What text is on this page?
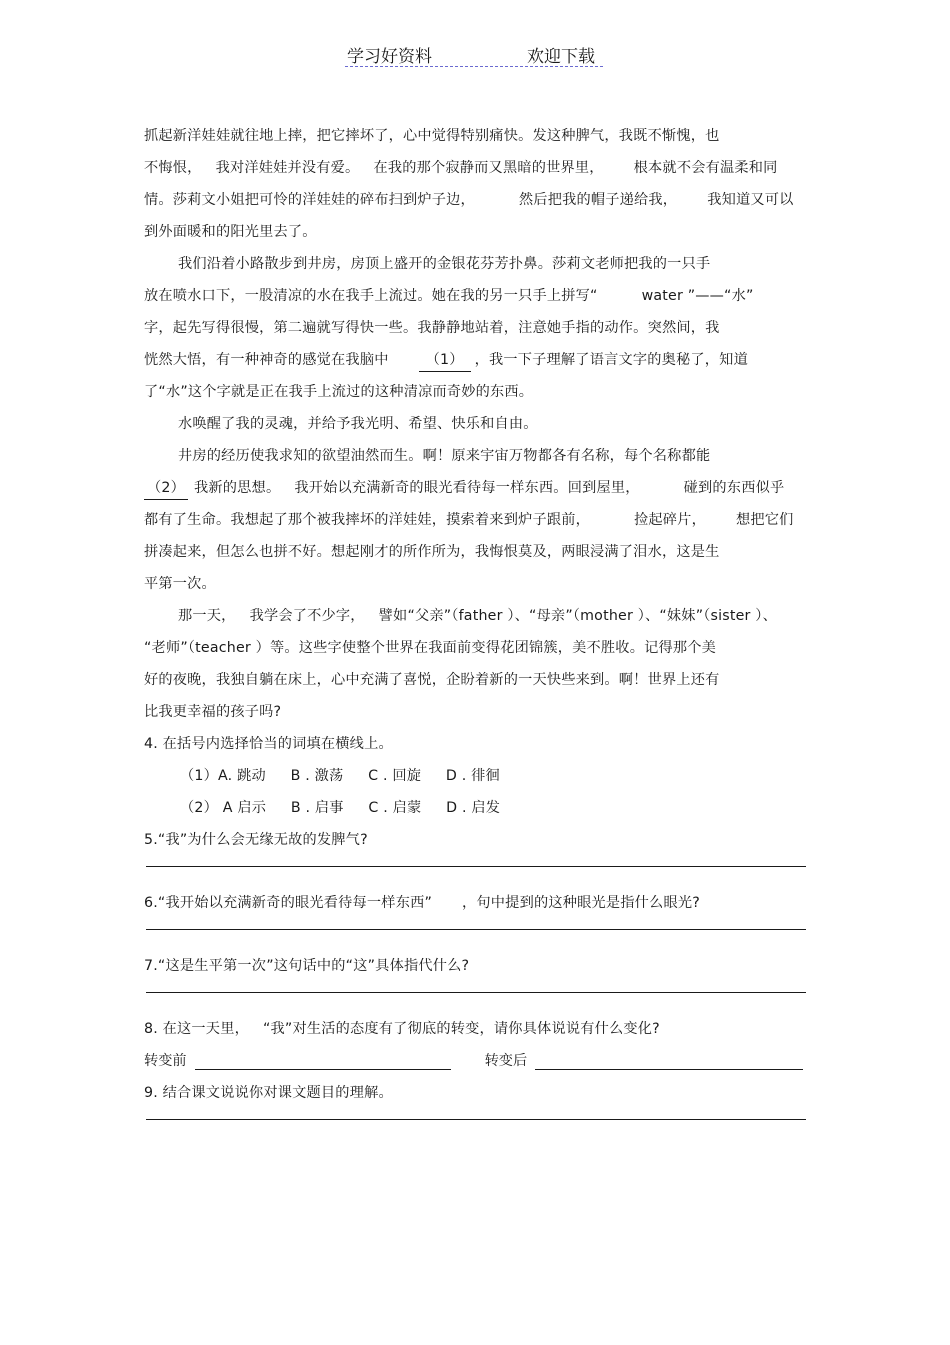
学习好资料	欢迎下载
抓起新洋娃娃就往地上摔，把它摔坏了，心中觉得特别痛快。发这种脾气，我既不惭愧，也
不悔恨， 我对洋娃娃并没有爱。 在我的那个寂静而又黑暗的世界里， 根本就不会有温柔和同
情。莎莉文小姐把可怜的洋娃娃的碎布扫到炉子边，	然后把我的帽子递给我， 我知道又可以
到外面暖和的阳光里去了。
我们沿着小路散步到井房，房顶上盛开的金银花芬芳扑鼻。莎莉文老师把我的一只手
放在喷水口下，一股清凉的水在我手上流过。她在我的另一只手上拼写“	water ”——“水”
字，起先写得很慢，第二遍就写得快一些。我静静地站着，注意她手指的动作。突然间，我
恍然大悟，有一种神奇的感觉在我脑中	（1） ，我一下子理解了语言文字的奥秘了，知道
了“水”这个字就是正在我手上流过的这种清凉而奇妙的东西。
水唤醒了我的灵魂，并给予我光明、希望、快乐和自由。
井房的经历使我求知的欲望油然而生。啊！原来宇宙万物都各有名称，每个名称都能
（2） 我新的思想。 我开始以充满新奇的眼光看待每一样东西。回到屋里，	碰到的东西似乎
都有了生命。我想起了那个被我摔坏的洋娃娃，摸索着来到炉子跟前，	捡起碎片， 想把它们
拼凑起来，但怎么也拼不好。想起刚才的所作所为，我悔恨莫及，两眼浸满了泪水，这是生
平第一次。
那一天， 我学会了不少字， 譬如“父亲”（father ）、“母亲”（mother ）、“妹妹”（sister ）、
“老师”（teacher ）等。这些字使整个世界在我面前变得花团锦簇，美不胜收。记得那个美
好的夜晚，我独自躺在床上，心中充满了喜悦，企盼着新的一天快些来到。啊！世界上还有
比我更幸福的孩子吗?
4. 在括号内选择恰当的词填在横线上。
（1）A. 跳动 B . 激荡 C . 回旋 D . 徘徊
（2） A 启示 B . 启事 C . 启蒙 D . 启发
5.“我”为什么会无缘无故的发脾气?
6.“我开始以充满新奇的眼光看待每一样东西” ，句中提到的这种眼光是指什么眼光?
7.“这是生平第一次”这句话中的“这”具体指代什么?
8. 在这一天里， “我”对生活的态度有了彻底的转变，请你具体说说有什么变化?
转变前	转变后
9. 结合课文说说你对课文题目的理解。
